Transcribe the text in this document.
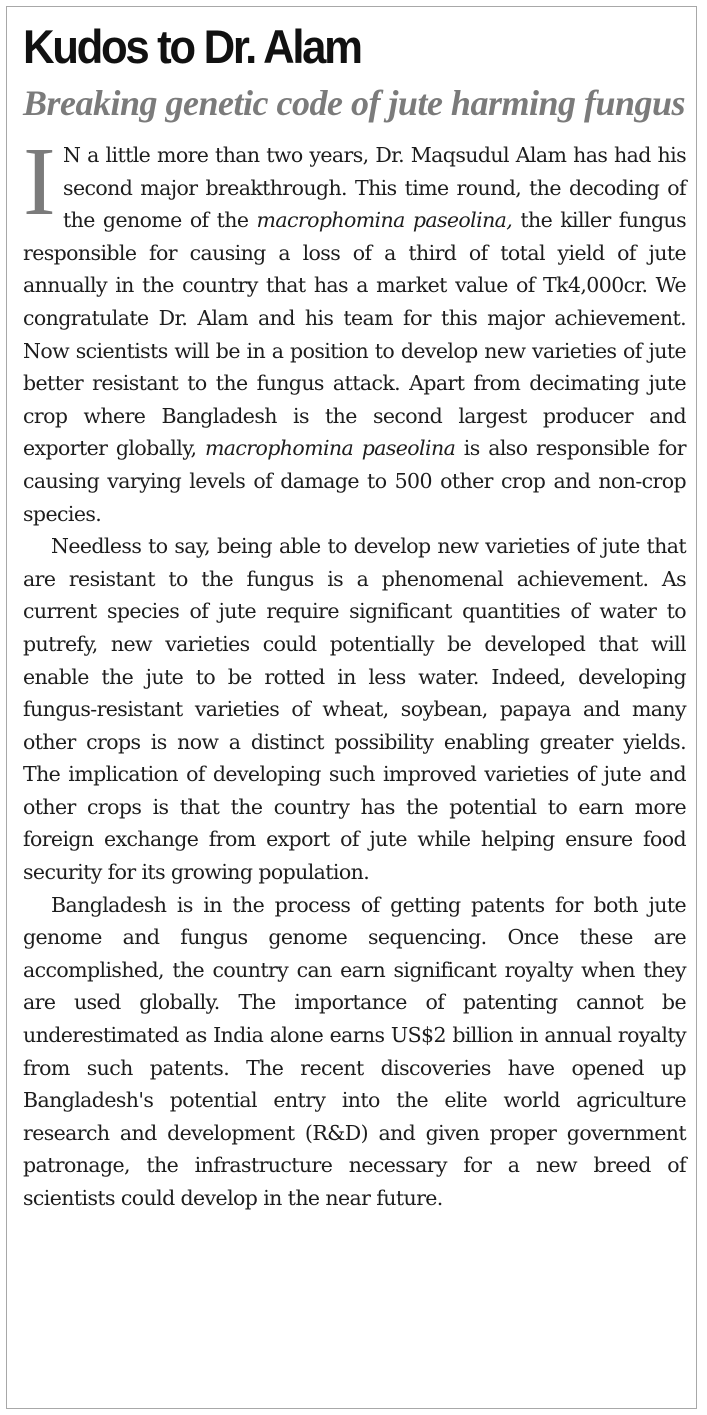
Kudos to Dr. Alam
Breaking genetic code of jute harming fungus

I N a little more than two years, Dr. Maqsudul Alam has had his second major breakthrough. This time round, the decoding of the genome of the macrophomina paseolina, the killer fungus responsible for causing a loss of a third of total yield of jute annually in the country that has a market value of Tk4,000cr. We congratulate Dr. Alam and his team for this major achievement. Now scientists will be in a position to develop new varieties of jute better resistant to the fungus attack. Apart from decimating jute crop where Bangladesh is the second largest producer and exporter globally, macrophomina paseolina is also responsible for causing varying levels of damage to 500 other crop and non-crop species.

Needless to say, being able to develop new varieties of jute that are resistant to the fungus is a phenomenal achievement. As current species of jute require significant quantities of water to putrefy, new varieties could potentially be developed that will enable the jute to be rotted in less water. Indeed, developing fungus-resistant varieties of wheat, soybean, papaya and many other crops is now a distinct possibility enabling greater yields. The implication of developing such improved varieties of jute and other crops is that the country has the potential to earn more foreign exchange from export of jute while helping ensure food security for its growing population.

Bangladesh is in the process of getting patents for both jute genome and fungus genome sequencing. Once these are accomplished, the country can earn significant royalty when they are used globally. The importance of patenting cannot be underestimated as India alone earns US$2 billion in annual royalty from such patents. The recent discoveries have opened up Bangladesh's potential entry into the elite world agriculture research and development (R&D) and given proper government patronage, the infrastructure necessary for a new breed of scientists could develop in the near future.
